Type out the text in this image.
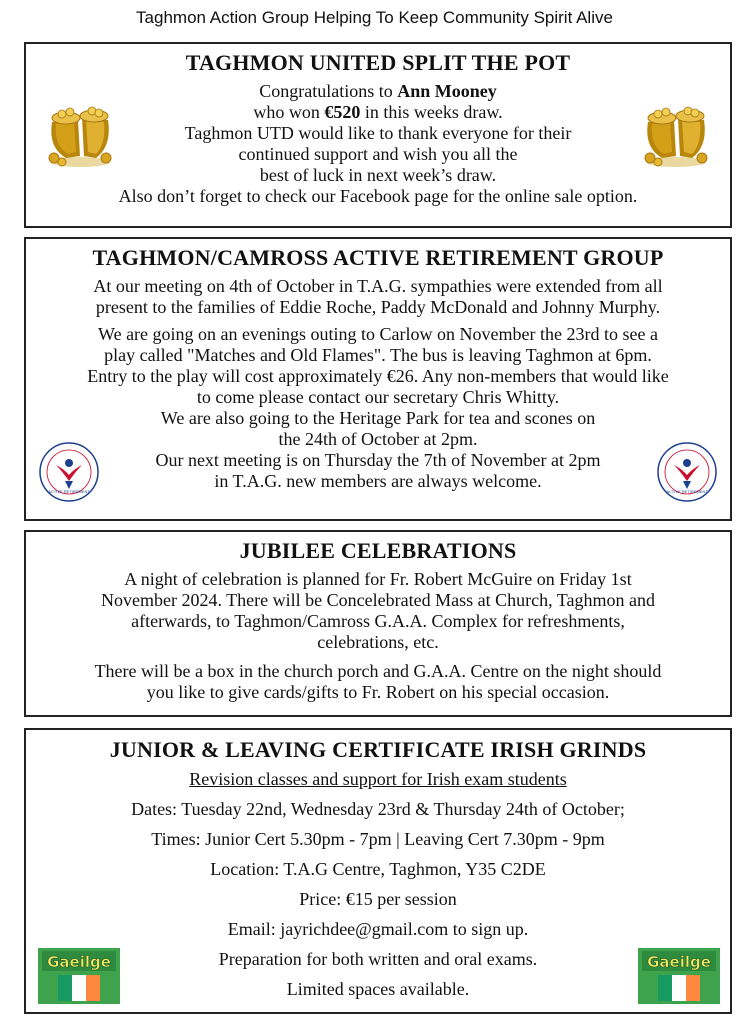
Taghmon Action Group Helping To Keep Community Spirit Alive
TAGHMON UNITED SPLIT THE POT
Congratulations to Ann Mooney
who won €520 in this weeks draw.
Taghmon UTD would like to thank everyone for their
continued support and wish you all the
best of luck in next week’s draw.
Also don’t forget to check our Facebook page for the online sale option.
TAGHMON/CAMROSS ACTIVE RETIREMENT GROUP
At our meeting on 4th of October in T.A.G. sympathies were extended from all
present to the families of Eddie Roche, Paddy McDonald and Johnny Murphy.
We are going on an evenings outing to Carlow on November the 23rd to see a
play called "Matches and Old Flames". The bus is leaving Taghmon at 6pm.
Entry to the play will cost approximately €26. Any non-members that would like
to come please contact our secretary Chris Whitty.
We are also going to the Heritage Park for tea and scones on
the 24th of October at 2pm.
Our next meeting is on Thursday the 7th of November at 2pm
in T.A.G. new members are always welcome.
ACTIVE RETIREMENT	ACTIVE RETIREMENT
JUBILEE CELEBRATIONS
A night of celebration is planned for Fr. Robert McGuire on Friday 1st
November 2024. There will be Concelebrated Mass at Church, Taghmon and
afterwards, to Taghmon/Camross G.A.A. Complex for refreshments,
celebrations, etc.
There will be a box in the church porch and G.A.A. Centre on the night should
you like to give cards/gifts to Fr. Robert on his special occasion.
JUNIOR & LEAVING CERTIFICATE IRISH GRINDS
Revision classes and support for Irish exam students
Dates: Tuesday 22nd, Wednesday 23rd & Thursday 24th of October;
Times: Junior Cert 5.30pm - 7pm | Leaving Cert 7.30pm - 9pm
Location: T.A.G Centre, Taghmon, Y35 C2DE
Price: €15 per session
Email: jayrichdee@gmail.com to sign up.
Preparation for both written and oral exams.
Limited spaces available.
Gaeilge	Gaeilge
